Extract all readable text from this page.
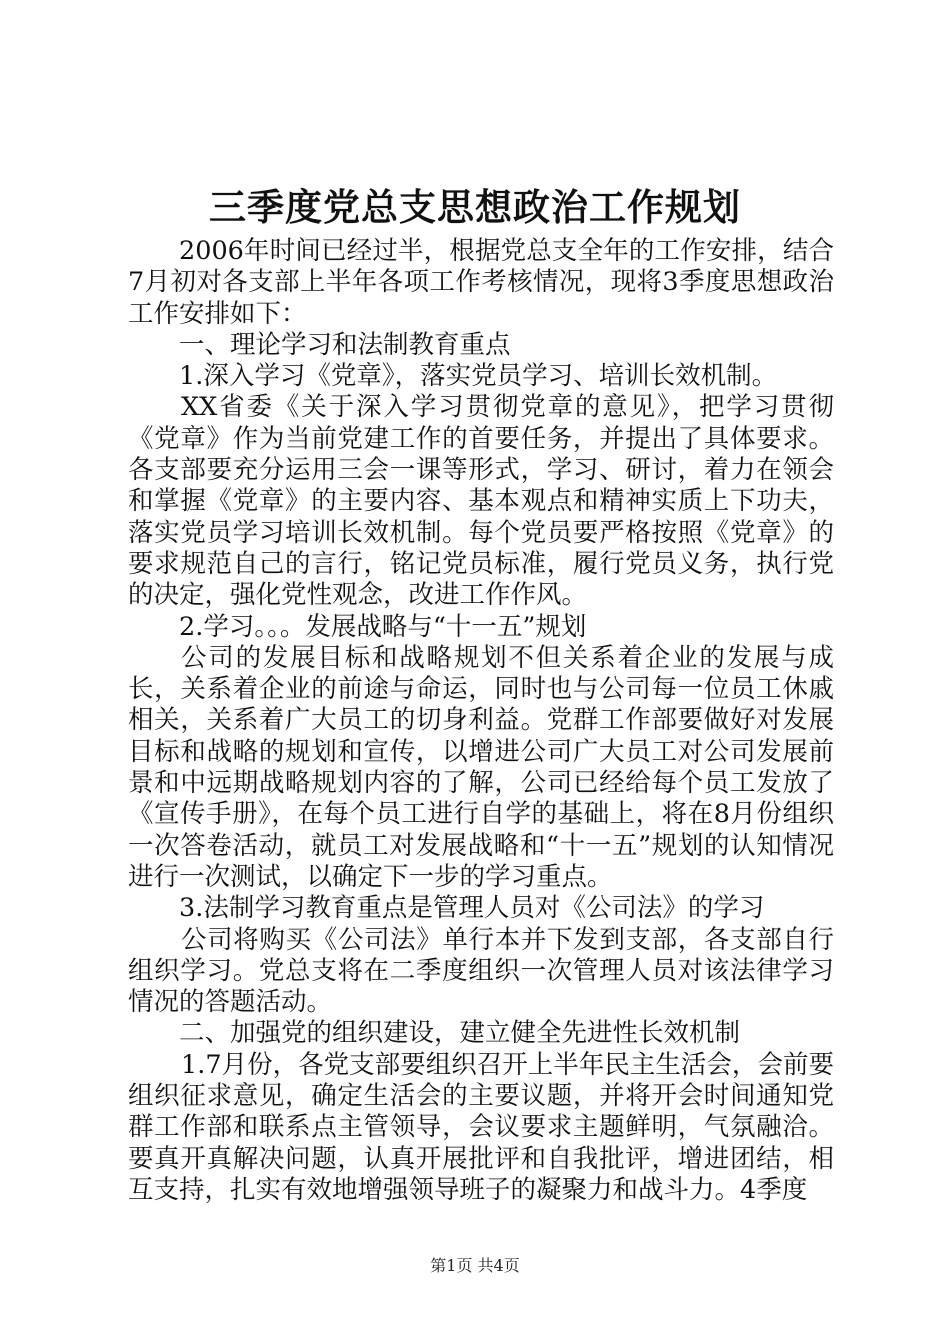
三季度党总支思想政治工作规划

2006年时间已经过半，根据党总支全年的工作安排，结合7月初对各支部上半年各项工作考核情况，现将3季度思想政治工作安排如下：

一、理论学习和法制教育重点

1.深入学习《党章》，落实党员学习、培训长效机制。

XX省委《关于深入学习贯彻党章的意见》，把学习贯彻《党章》作为当前党建工作的首要任务，并提出了具体要求。各支部要充分运用三会一课等形式，学习、研讨，着力在领会和掌握《党章》的主要内容、基本观点和精神实质上下功夫，落实党员学习培训长效机制。每个党员要严格按照《党章》的要求规范自己的言行，铭记党员标准，履行党员义务，执行党的决定，强化党性观念，改进工作作风。

2.学习。。。发展战略与“十一五”规划

公司的发展目标和战略规划不但关系着企业的发展与成长，关系着企业的前途与命运，同时也与公司每一位员工休戚相关，关系着广大员工的切身利益。党群工作部要做好对发展目标和战略的规划和宣传，以增进公司广大员工对公司发展前景和中远期战略规划内容的了解，公司已经给每个员工发放了《宣传手册》，在每个员工进行自学的基础上，将在8月份组织一次答卷活动，就员工对发展战略和“十一五”规划的认知情况进行一次测试，以确定下一步的学习重点。

3.法制学习教育重点是管理人员对《公司法》的学习

公司将购买《公司法》单行本并下发到支部，各支部自行组织学习。党总支将在二季度组织一次管理人员对该法律学习情况的答题活动。

二、加强党的组织建设，建立健全先进性长效机制

1.7月份，各党支部要组织召开上半年民主生活会，会前要组织征求意见，确定生活会的主要议题，并将开会时间通知党群工作部和联系点主管领导，会议要求主题鲜明，气氛融洽。要真开真解决问题，认真开展批评和自我批评，增进团结，相互支持，扎实有效地增强领导班子的凝聚力和战斗力。4季度

第1页 共4页
